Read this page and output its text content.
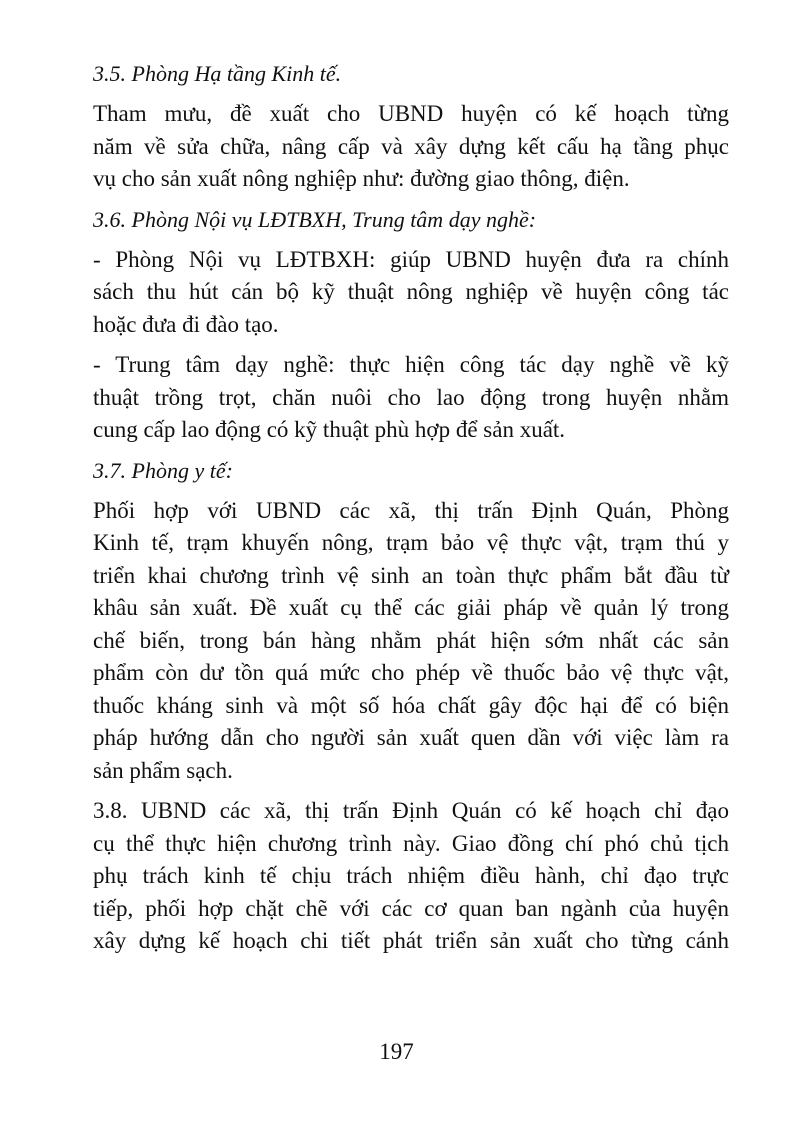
3.5. Phòng Hạ tầng Kinh tế.
Tham mưu, đề xuất cho UBND huyện có kế hoạch từng
năm về sửa chữa, nâng cấp và xây dựng kết cấu hạ tầng phục
vụ cho sản xuất nông nghiệp như: đường giao thông, điện.
3.6. Phòng Nội vụ LĐTBXH, Trung tâm dạy nghề:
- Phòng Nội vụ LĐTBXH: giúp UBND huyện đưa ra chính
sách thu hút cán bộ kỹ thuật nông nghiệp về huyện công tác
hoặc đưa đi đào tạo.
- Trung tâm dạy nghề: thực hiện công tác dạy nghề về kỹ
thuật trồng trọt, chăn nuôi cho lao động trong huyện nhằm
cung cấp lao động có kỹ thuật phù hợp để sản xuất.
3.7. Phòng y tế:
Phối hợp với UBND các xã, thị trấn Định Quán, Phòng
Kinh tế, trạm khuyến nông, trạm bảo vệ thực vật, trạm thú y
triển khai chương trình vệ sinh an toàn thực phẩm bắt đầu từ
khâu sản xuất. Đề xuất cụ thể các giải pháp về quản lý trong
chế biến, trong bán hàng nhằm phát hiện sớm nhất các sản
phẩm còn dư tồn quá mức cho phép về thuốc bảo vệ thực vật,
thuốc kháng sinh và một số hóa chất gây độc hại để có biện
pháp hướng dẫn cho người sản xuất quen dần với việc làm ra
sản phẩm sạch.
3.8. UBND các xã, thị trấn Định Quán có kế hoạch chỉ đạo
cụ thể thực hiện chương trình này. Giao đồng chí phó chủ tịch
phụ trách kinh tế chịu trách nhiệm điều hành, chỉ đạo trực
tiếp, phối hợp chặt chẽ với các cơ quan ban ngành của huyện
xây dựng kế hoạch chi tiết phát triển sản xuất cho từng cánh
197
